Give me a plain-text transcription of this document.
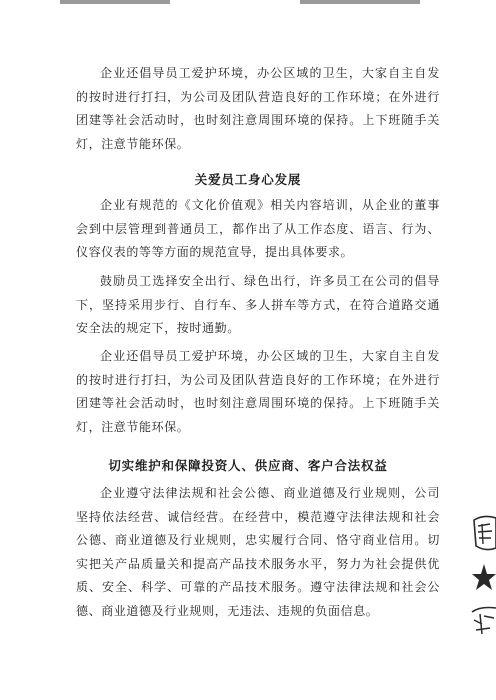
企业还倡导员工爱护环境，办公区域的卫生，大家自主自发的按时进行打扫，为公司及团队营造良好的工作环境；在外进行团建等社会活动时，也时刻注意周围环境的保持。上下班随手关灯，注意节能环保。

关爱员工身心发展

企业有规范的《文化价值观》相关内容培训，从企业的董事会到中层管理到普通员工，都作出了从工作态度、语言、行为、仪容仪表的等等方面的规范宣导，提出具体要求。

鼓励员工选择安全出行、绿色出行，许多员工在公司的倡导下，坚持采用步行、自行车、多人拼车等方式，在符合道路交通安全法的规定下，按时通勤。

企业还倡导员工爱护环境，办公区域的卫生，大家自主自发的按时进行打扫，为公司及团队营造良好的工作环境；在外进行团建等社会活动时，也时刻注意周围环境的保持。上下班随手关灯，注意节能环保。

切实维护和保障投资人、供应商、客户合法权益

企业遵守法律法规和社会公德、商业道德及行业规则，公司坚持依法经营、诚信经营。在经营中，模范遵守法律法规和社会公德、商业道德及行业规则，忠实履行合同、恪守商业信用。切实把关产品质量关和提高产品技术服务水平，努力为社会提供优质、安全、科学、可靠的产品技术服务。遵守法律法规和社会公德、商业道德及行业规则，无违法、违规的负面信息。
